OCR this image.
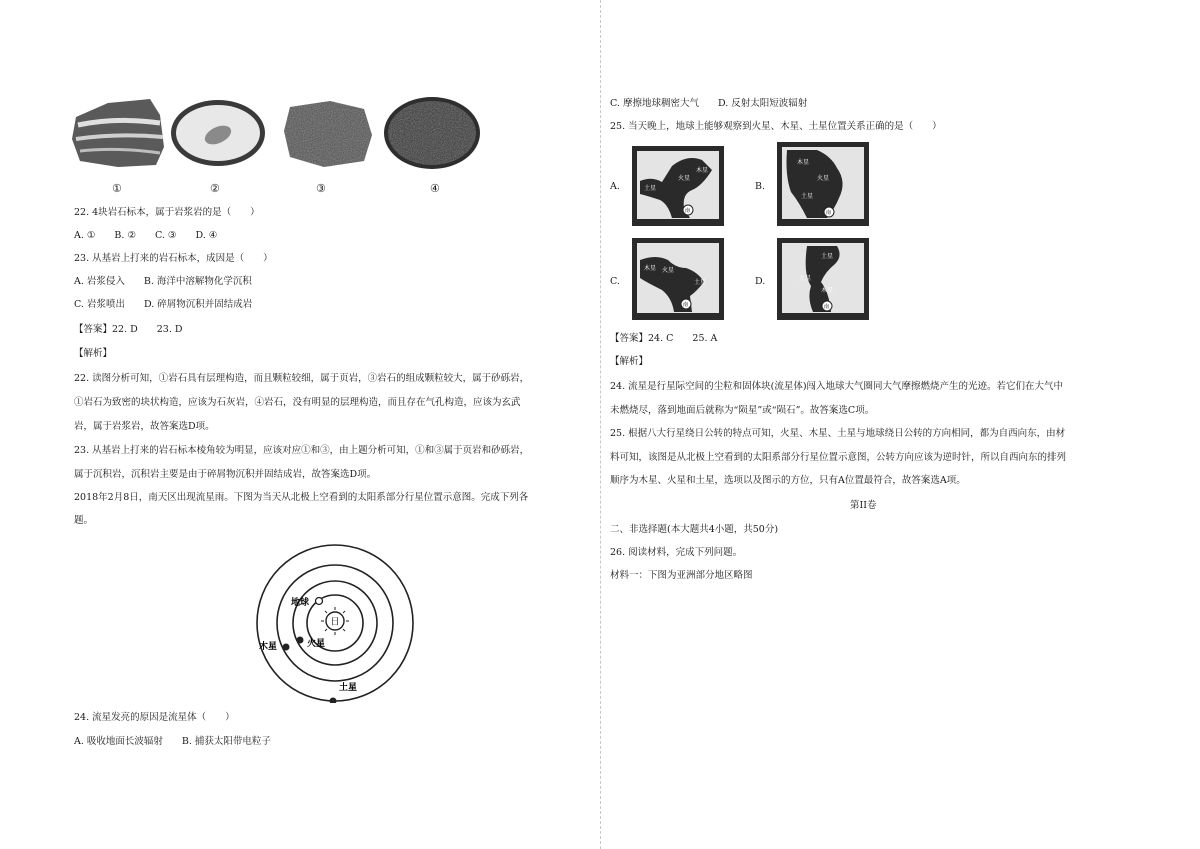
①	②	③	④
22. 4块岩石标本，属于岩浆岩的是（　　）
A. ①　　B. ②　　C. ③　　D. ④
23. 从基岩上打来的岩石标本，成因是（　　）
A. 岩浆侵入　　B. 海洋中溶解物化学沉积
C. 岩浆喷出　　D. 碎屑物沉积并固结成岩
【答案】22. D　　23. D
【解析】
22. 读图分析可知，①岩石具有层理构造，而且颗粒较细，属于页岩，③岩石的组成颗粒较大，属于砂砾岩，
①岩石为致密的块状构造，应该为石灰岩，④岩石，没有明显的层理构造，而且存在气孔构造，应该为玄武
岩，属于岩浆岩，故答案选D项。
23. 从基岩上打来的岩石标本棱角较为明显，应该对应①和③，由上题分析可知，①和③属于页岩和砂砾岩，
属于沉积岩，沉积岩主要是由于碎屑物沉积并固结成岩，故答案选D项。
2018年2月8日，南天区出现流星雨。下图为当天从北极上空看到的太阳系部分行星位置示意图。完成下列各
题。
日
地球
火星
木星
土星
24. 流星发亮的原因是流星体（　　）
A. 吸收地面长波辐射　　B. 捕获太阳带电粒子
C. 摩擦地球稠密大气　　D. 反射太阳短波辐射
25. 当天晚上，地球上能够观察到火星、木星、土星位置关系正确的是（　　）
A.	B.
C.	D.
火星
木星
土星
南
木星
火星
土星
南
木星 火星
土星
南
土星
火星
木星
南
【答案】24. C　　25. A
【解析】
24. 流星是行星际空间的尘粒和固体块(流星体)闯入地球大气圈同大气摩擦燃烧产生的光迹。若它们在大气中
未燃烧尽，落到地面后就称为“陨星”或“陨石”。故答案选C项。
25. 根据八大行星绕日公转的特点可知，火星、木星、土星与地球绕日公转的方向相同，都为自西向东，由材
料可知，该图是从北极上空看到的太阳系部分行星位置示意图，公转方向应该为逆时针，所以自西向东的排列
顺序为木星、火星和土星，选项以及图示的方位，只有A位置最符合，故答案选A项。
第II卷
二、非选择题(本大题共4小题，共50分)
26. 阅读材料，完成下列问题。
材料一：下图为亚洲部分地区略图
